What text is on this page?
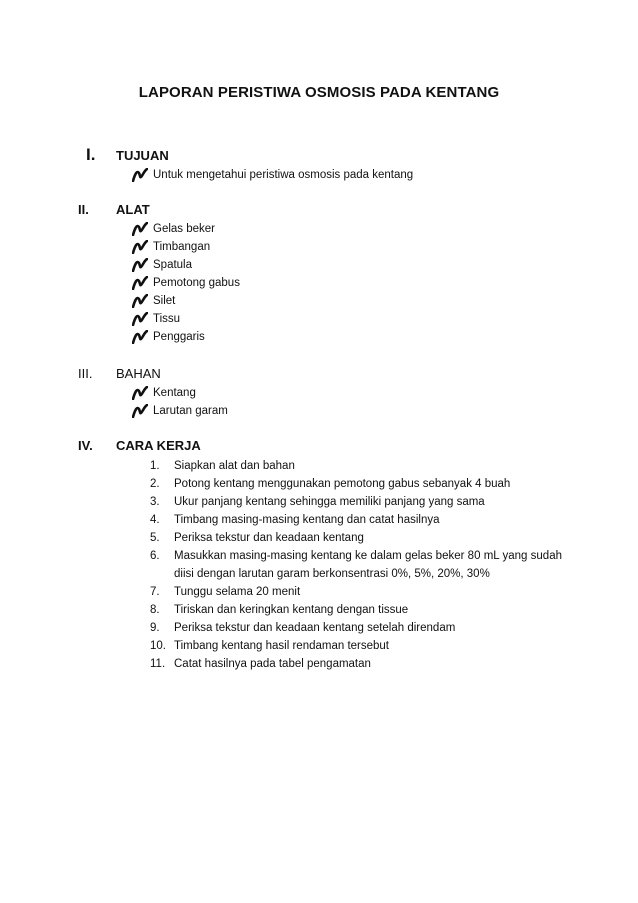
LAPORAN PERISTIWA OSMOSIS PADA KENTANG
I.	TUJUAN
Untuk mengetahui peristiwa osmosis pada kentang
II.	ALAT
Gelas beker
Timbangan
Spatula
Pemotong gabus
Silet
Tissu
Penggaris
III.	BAHAN
Kentang
Larutan garam
IV.	CARA KERJA
1.	Siapkan alat dan bahan
2.	Potong kentang menggunakan pemotong gabus sebanyak 4 buah
3.	Ukur panjang kentang sehingga memiliki panjang yang sama
4.	Timbang masing-masing kentang dan catat hasilnya
5.	Periksa tekstur dan keadaan kentang
6.	Masukkan masing-masing kentang ke dalam gelas beker 80 mL yang sudah diisi dengan larutan garam berkonsentrasi 0%, 5%, 20%, 30%
7.	Tunggu selama 20 menit
8.	Tiriskan dan keringkan kentang dengan tissue
9.	Periksa tekstur dan keadaan kentang setelah direndam
10. Timbang kentang hasil rendaman tersebut
11. Catat hasilnya pada tabel pengamatan
